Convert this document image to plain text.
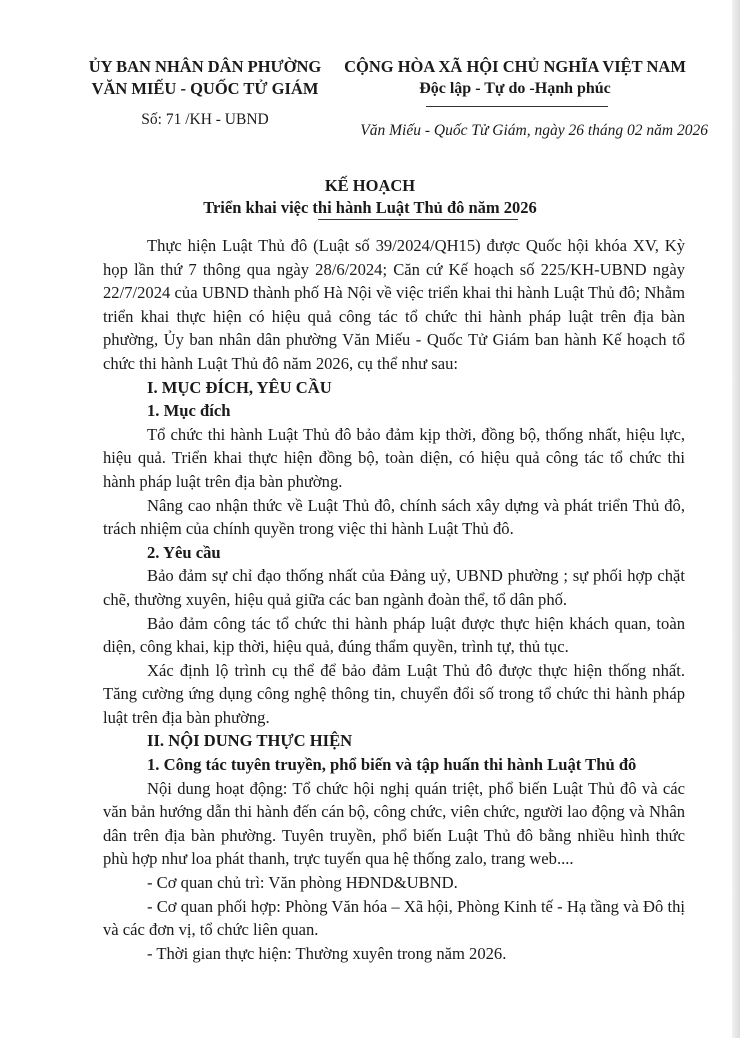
ỦY BAN NHÂN DÂN PHƯỜNG
VĂN MIẾU - QUỐC TỬ GIÁM
Số: 71 /KH - UBND
CỘNG HÒA XÃ HỘI CHỦ NGHĨA VIỆT NAM
Độc lập - Tự do -Hạnh phúc
Văn Miếu - Quốc Tử Giám, ngày 26 tháng 02 năm 2026
KẾ HOẠCH
Triển khai việc thi hành Luật Thủ đô năm 2026

Thực hiện Luật Thủ đô (Luật số 39/2024/QH15) được Quốc hội khóa XV, Kỳ họp lần thứ 7 thông qua ngày 28/6/2024; Căn cứ Kế hoạch số 225/KH-UBND ngày 22/7/2024 của UBND thành phố Hà Nội về việc triển khai thi hành Luật Thủ đô; Nhằm triển khai thực hiện có hiệu quả công tác tổ chức thi hành pháp luật trên địa bàn phường, Ủy ban nhân dân phường Văn Miếu - Quốc Tử Giám ban hành Kế hoạch tổ chức thi hành Luật Thủ đô năm 2026, cụ thể như sau:

I. MỤC ĐÍCH, YÊU CẦU

1. Mục đích

Tổ chức thi hành Luật Thủ đô bảo đảm kịp thời, đồng bộ, thống nhất, hiệu lực, hiệu quả. Triển khai thực hiện đồng bộ, toàn diện, có hiệu quả công tác tổ chức thi hành pháp luật trên địa bàn phường.

Nâng cao nhận thức về Luật Thủ đô, chính sách xây dựng và phát triển Thủ đô, trách nhiệm của chính quyền trong việc thi hành Luật Thủ đô.

2. Yêu cầu

Bảo đảm sự chỉ đạo thống nhất của Đảng uỷ, UBND phường ; sự phối hợp chặt chẽ, thường xuyên, hiệu quả giữa các ban ngành đoàn thể, tổ dân phố.

Bảo đảm công tác tổ chức thi hành pháp luật được thực hiện khách quan, toàn diện, công khai, kịp thời, hiệu quả, đúng thẩm quyền, trình tự, thủ tục.

Xác định lộ trình cụ thể để bảo đảm Luật Thủ đô được thực hiện thống nhất. Tăng cường ứng dụng công nghệ thông tin, chuyển đổi số trong tổ chức thi hành pháp luật trên địa bàn phường.

II. NỘI DUNG THỰC HIỆN

1. Công tác tuyên truyền, phổ biến và tập huấn thi hành Luật Thủ đô

Nội dung hoạt động: Tổ chức hội nghị quán triệt, phổ biến Luật Thủ đô và các văn bản hướng dẫn thi hành đến cán bộ, công chức, viên chức, người lao động và Nhân dân trên địa bàn phường. Tuyên truyền, phổ biến Luật Thủ đô bằng nhiều hình thức phù hợp như loa phát thanh, trực tuyến qua hệ thống zalo, trang web....

- Cơ quan chủ trì: Văn phòng HĐND&UBND.

- Cơ quan phối hợp: Phòng Văn hóa – Xã hội, Phòng Kinh tế - Hạ tầng và Đô thị và các đơn vị, tổ chức liên quan.

- Thời gian thực hiện: Thường xuyên trong năm 2026.
